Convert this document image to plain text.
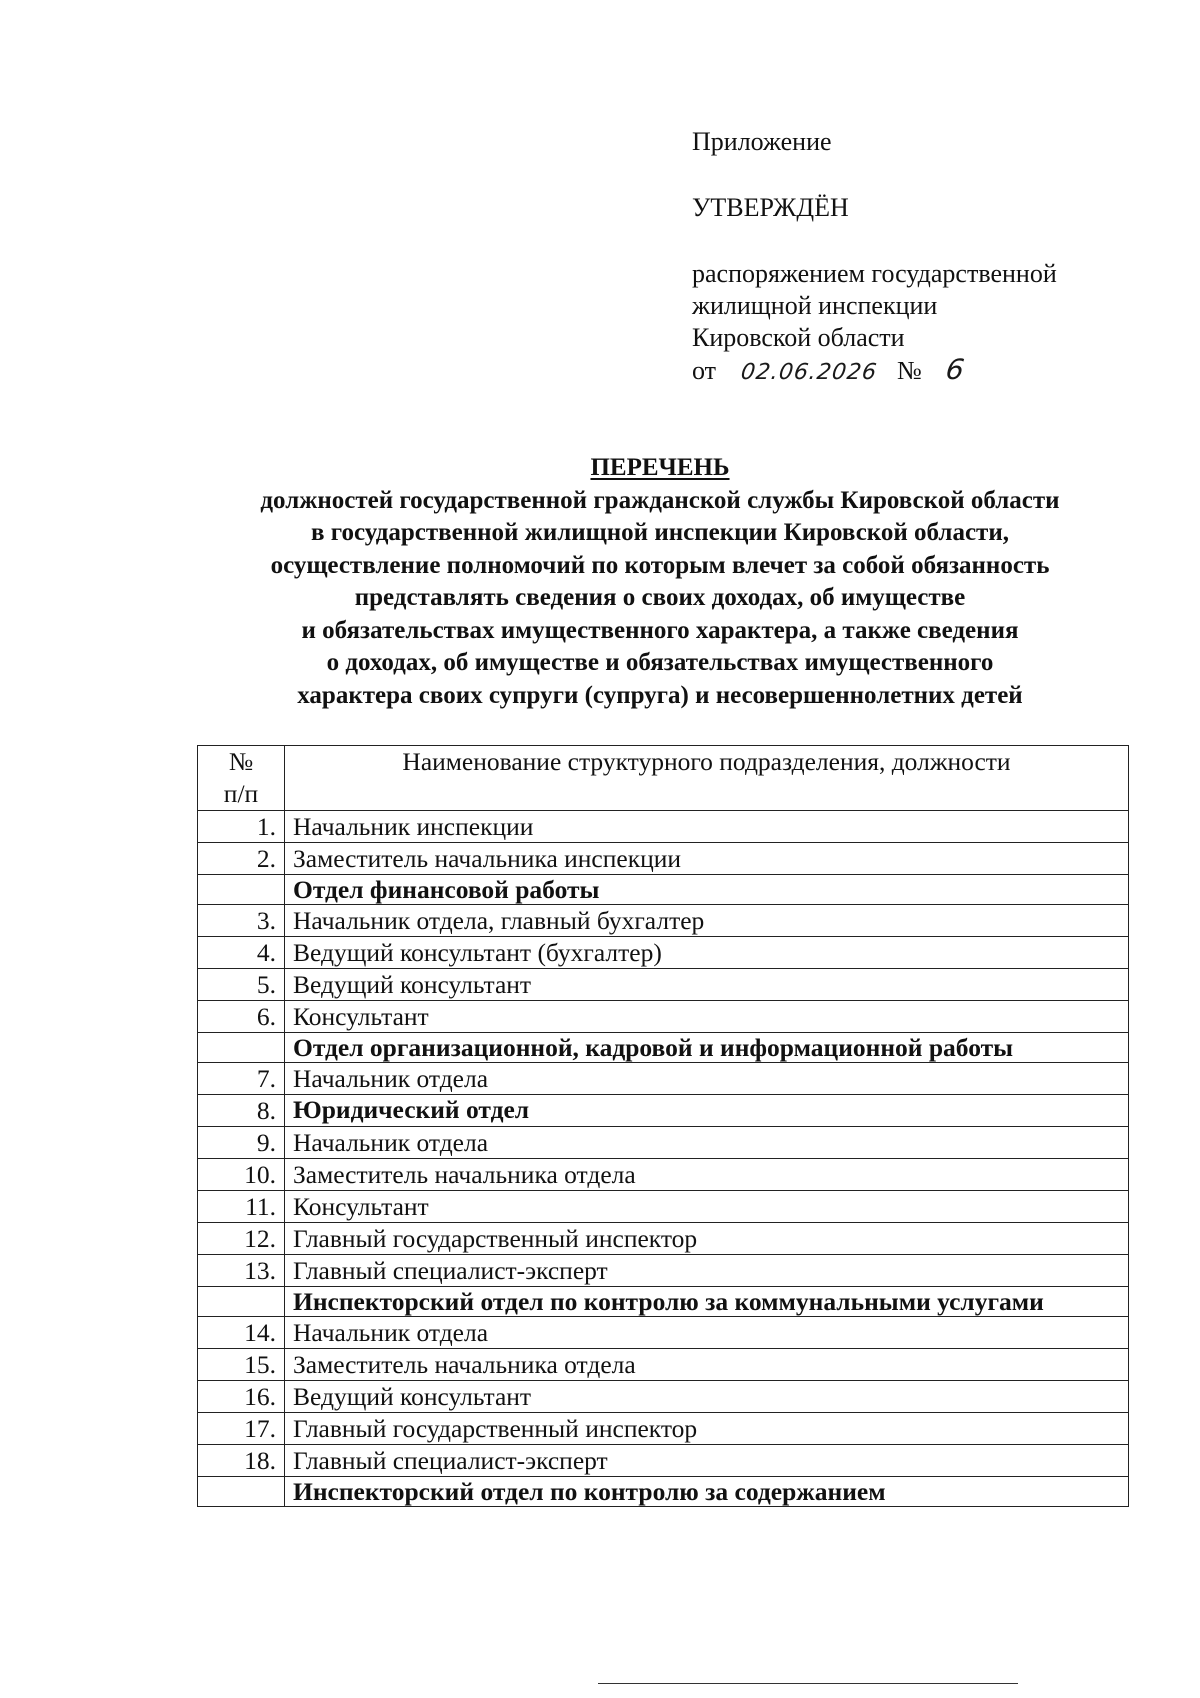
Приложение
УТВЕРЖДЁН
распоряжением государственной
жилищной инспекции
Кировской области
от 02.06.2026 № 6
ПЕРЕЧЕНЬ
должностей государственной гражданской службы Кировской области
в государственной жилищной инспекции Кировской области,
осуществление полномочий по которым влечет за собой обязанность
представлять сведения о своих доходах, об имуществе
и обязательствах имущественного характера, а также сведения
о доходах, об имуществе и обязательствах имущественного
характера своих супруги (супруга) и несовершеннолетних детей
№
п/п	Наименование структурного подразделения, должности
1.	Начальник инспекции
2.	Заместитель начальника инспекции
	Отдел финансовой работы
3.	Начальник отдела, главный бухгалтер
4.	Ведущий консультант (бухгалтер)
5.	Ведущий консультант
6.	Консультант
	Отдел организационной, кадровой и информационной работы
7.	Начальник отдела
8.	Юридический отдел
9.	Начальник отдела
10.	Заместитель начальника отдела
11.	Консультант
12.	Главный государственный инспектор
13.	Главный специалист-эксперт
	Инспекторский отдел по контролю за коммунальными услугами
14.	Начальник отдела
15.	Заместитель начальника отдела
16.	Ведущий консультант
17.	Главный государственный инспектор
18.	Главный специалист-эксперт
	Инспекторский отдел по контролю за содержанием
